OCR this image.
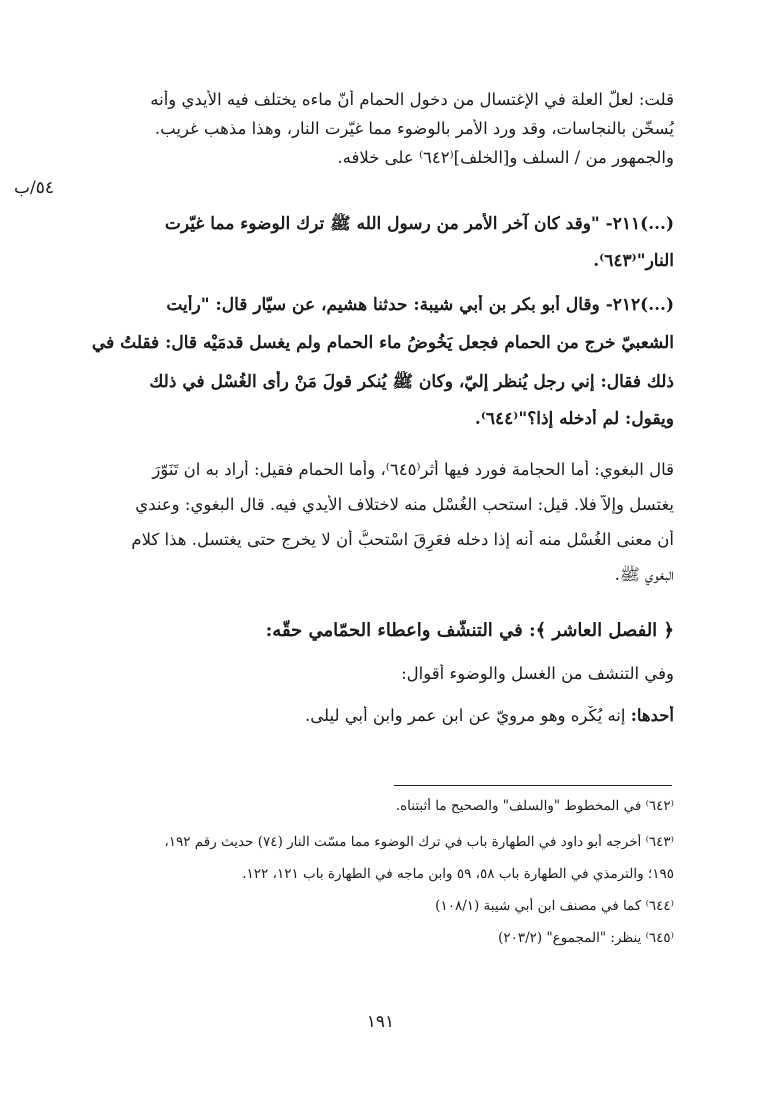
٥٤/ب
قلت: لعلّ العلة في الإغتسال من دخول الحمام أنّ ماءه يختلف فيه الأيدي وأنه
يُسخّن بالنجاسات، وقد ورد الأمر بالوضوء مما غيّرت النار، وهذا مذهب غريب.
والجمهور من / السلف و[الخلف]⁽٦٤٢⁾ على خلافه.
(...)٢١١- "وقد كان آخر الأمر من رسول الله ﷺ ترك الوضوء مما غيّرت
النار"⁽٦٤٣⁾.
(...)٢١٢- وقال أبو بكر بن أبي شيبة: حدثنا هشيم، عن سيّار قال: "رأيت
الشعبيّ خرج من الحمام فجعل يَخُوضُ ماء الحمام ولم يغسل قدمَيْه قال: فقلتُ في
ذلك فقال: إني رجل يُنظر إليّ، وكان ﷺ يُنكر قولَ مَنْ رأى الغُسْل في ذلك
ويقول: لم أدخله إذا؟"⁽٦٤٤⁾.
قال البغوي: أما الحجامة فورد فيها أثر⁽٦٤٥⁾، وأما الحمام فقيل: أراد به ان تَنَوّرَ
يغتسل وإلاّ فلا. قيل: استحب الغُسْل منه لاختلاف الأيدي فيه. قال البغوي: وعندي
أن معنى الغُسْل منه أنه إذا دخله فعَرِقَ اسْتحبُّ أن لا يخرج حتى يغتسل. هذا كلام
البغوي ﷺ.
﴿ الفصل العاشر ﴾: في التنشّف واعطاء الحمّامي حقّه:
وفي التنشف من الغسل والوضوء أقوال:
أحدها: إنه يُكْره وهو مرويّ عن ابن عمر وابن أبي ليلى.
⁽٦٤٢⁾ في المخطوط "والسلف" والصحيح ما أثبتناه.
⁽٦٤٣⁾ أخرجه أبو داود في الطهارة باب في ترك الوضوء مما مسّت النار (٧٤) حديث رقم ١٩٢،
١٩٥؛ والترمذي في الطهارة باب ٥٨، ٥٩ وابن ماجه في الطهارة باب ١٢١، ١٢٢.
⁽٦٤٤⁾ كما في مصنف ابن أبي شيبة (١٠٨/١)
⁽٦٤٥⁾ ينظر: "المجموع" (٢٠٣/٢)
١٩١
